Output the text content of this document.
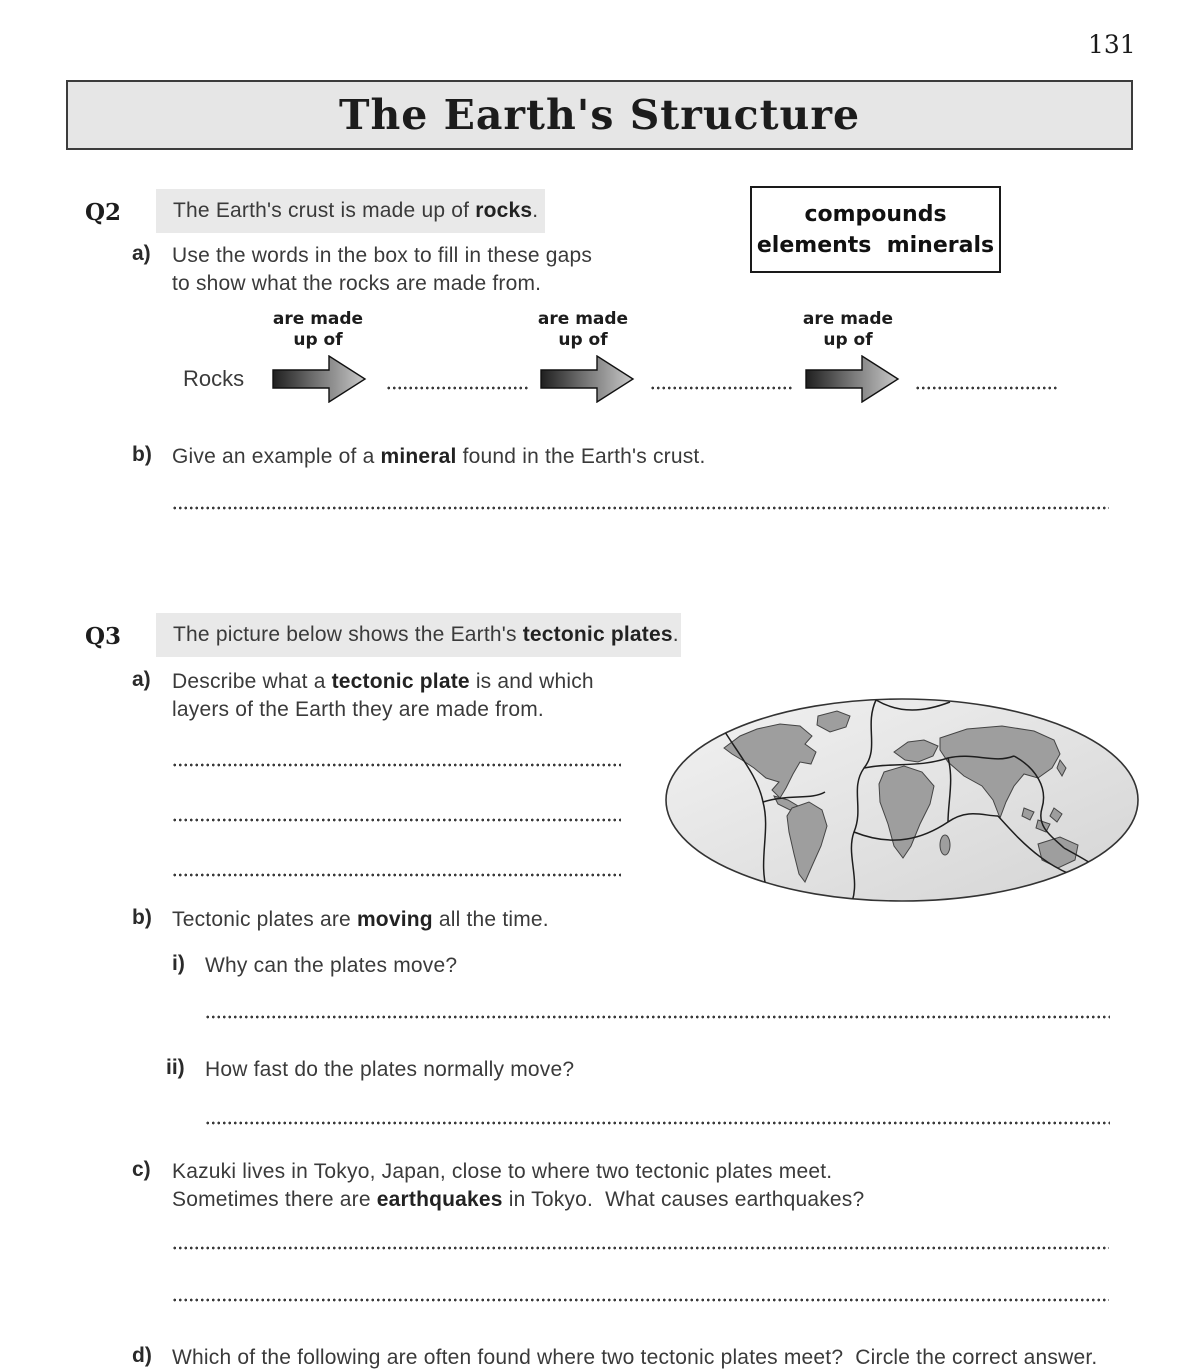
131
The Earth's Structure
Q2 The Earth's crust is made up of rocks.
a) Use the words in the box to fill in these gaps
to show what the rocks are made from.
compounds
elements  minerals
are made
up of
are made
up of
are made
up of
Rocks
b) Give an example of a mineral found in the Earth's crust.
Q3 The picture below shows the Earth's tectonic plates.
a) Describe what a tectonic plate is and which
layers of the Earth they are made from.
b) Tectonic plates are moving all the time.
i) Why can the plates move?
ii) How fast do the plates normally move?
c) Kazuki lives in Tokyo, Japan, close to where two tectonic plates meet.
Sometimes there are earthquakes in Tokyo.  What causes earthquakes?
d) Which of the following are often found where two tectonic plates meet?  Circle the correct answer.
